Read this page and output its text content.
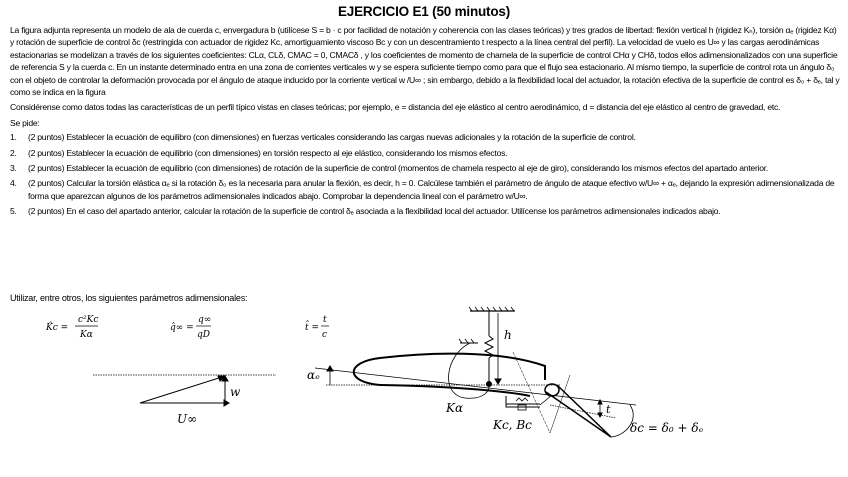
EJERCICIO E1 (50 minutos)

La figura adjunta representa un modelo de ala de cuerda c, envergadura b (utilícese S = b · c por facilidad de notación y coherencia con las clases teóricas) y tres grados de libertad: flexión vertical h (rigidez Kₕ), torsión αₑ (rigidez Kα) y rotación de superficie de control δc (restringida con actuador de rigidez Kc, amortiguamiento viscoso Bc y con un descentramiento t respecto a la línea central del perfil). La velocidad de vuelo es U∞ y las cargas aerodinámicas estacionarias se modelizan a través de los siguientes coeficientes: CLα, CLδ, CMAC = 0, CMACδ , y los coeficientes de momento de charnela de la superficie de control CHα y CHδ, todos ellos adimensionalizados con una superficie de referencia S y la cuerda c. En un instante determinado entra en una zona de corrientes verticales w y se espera suficiente tiempo como para que el flujo sea estacionario. Al mismo tiempo, la superficie de control rota un ángulo δ₀ con el objeto de controlar la deformación provocada por el ángulo de ataque inducido por la corriente vertical w /U∞ ; sin embargo, debido a la flexibilidad local del actuador, la rotación efectiva de la superficie de control es δ₀ + δₑ, tal y como se indica en la figura

Considérense como datos todas las características de un perfil típico vistas en clases teóricas; por ejemplo, e = distancia del eje elástico al centro aerodinámico, d = distancia del eje elástico al centro de gravedad, etc.

Se pide:

1. (2 puntos) Establecer la ecuación de equilibro (con dimensiones) en fuerzas verticales considerando las cargas nuevas adicionales y la rotación de la superficie de control.
2. (2 puntos) Establecer la ecuación de equilibrio (con dimensiones) en torsión respecto al eje elástico, considerando los mismos efectos.
3. (2 puntos) Establecer la ecuación de equilibrio (con dimensiones) de rotación de la superficie de control (momentos de charnela respecto al eje de giro), considerando los mismos efectos del apartado anterior.
4. (2 puntos) Calcular la torsión elástica αₑ si la rotación δ₀ es la necesaria para anular la flexión, es decir, h = 0. Calcúlese también el parámetro de ángulo de ataque efectivo w/U∞ + αₑ, dejando la expresión adimensionalizada de forma que aparezcan algunos de los parámetros adimensionales indicados abajo. Comprobar la dependencia lineal con el parámetro w/U∞.
5. (2 puntos) En el caso del apartado anterior, calcular la rotación de la superficie de control δₑ asociada a la flexibilidad local del actuador. Utilícense los parámetros adimensionales indicados abajo.
Utilizar, entre otros, los siguientes parámetros adimensionales:
K̂c =
c²Kc
Kα
q̂∞ =
q∞
qD
t̂ =
t
c
w
U∞
h
αₑ
Kα
Kc, Bc
t
δc = δ₀ + δₑ
